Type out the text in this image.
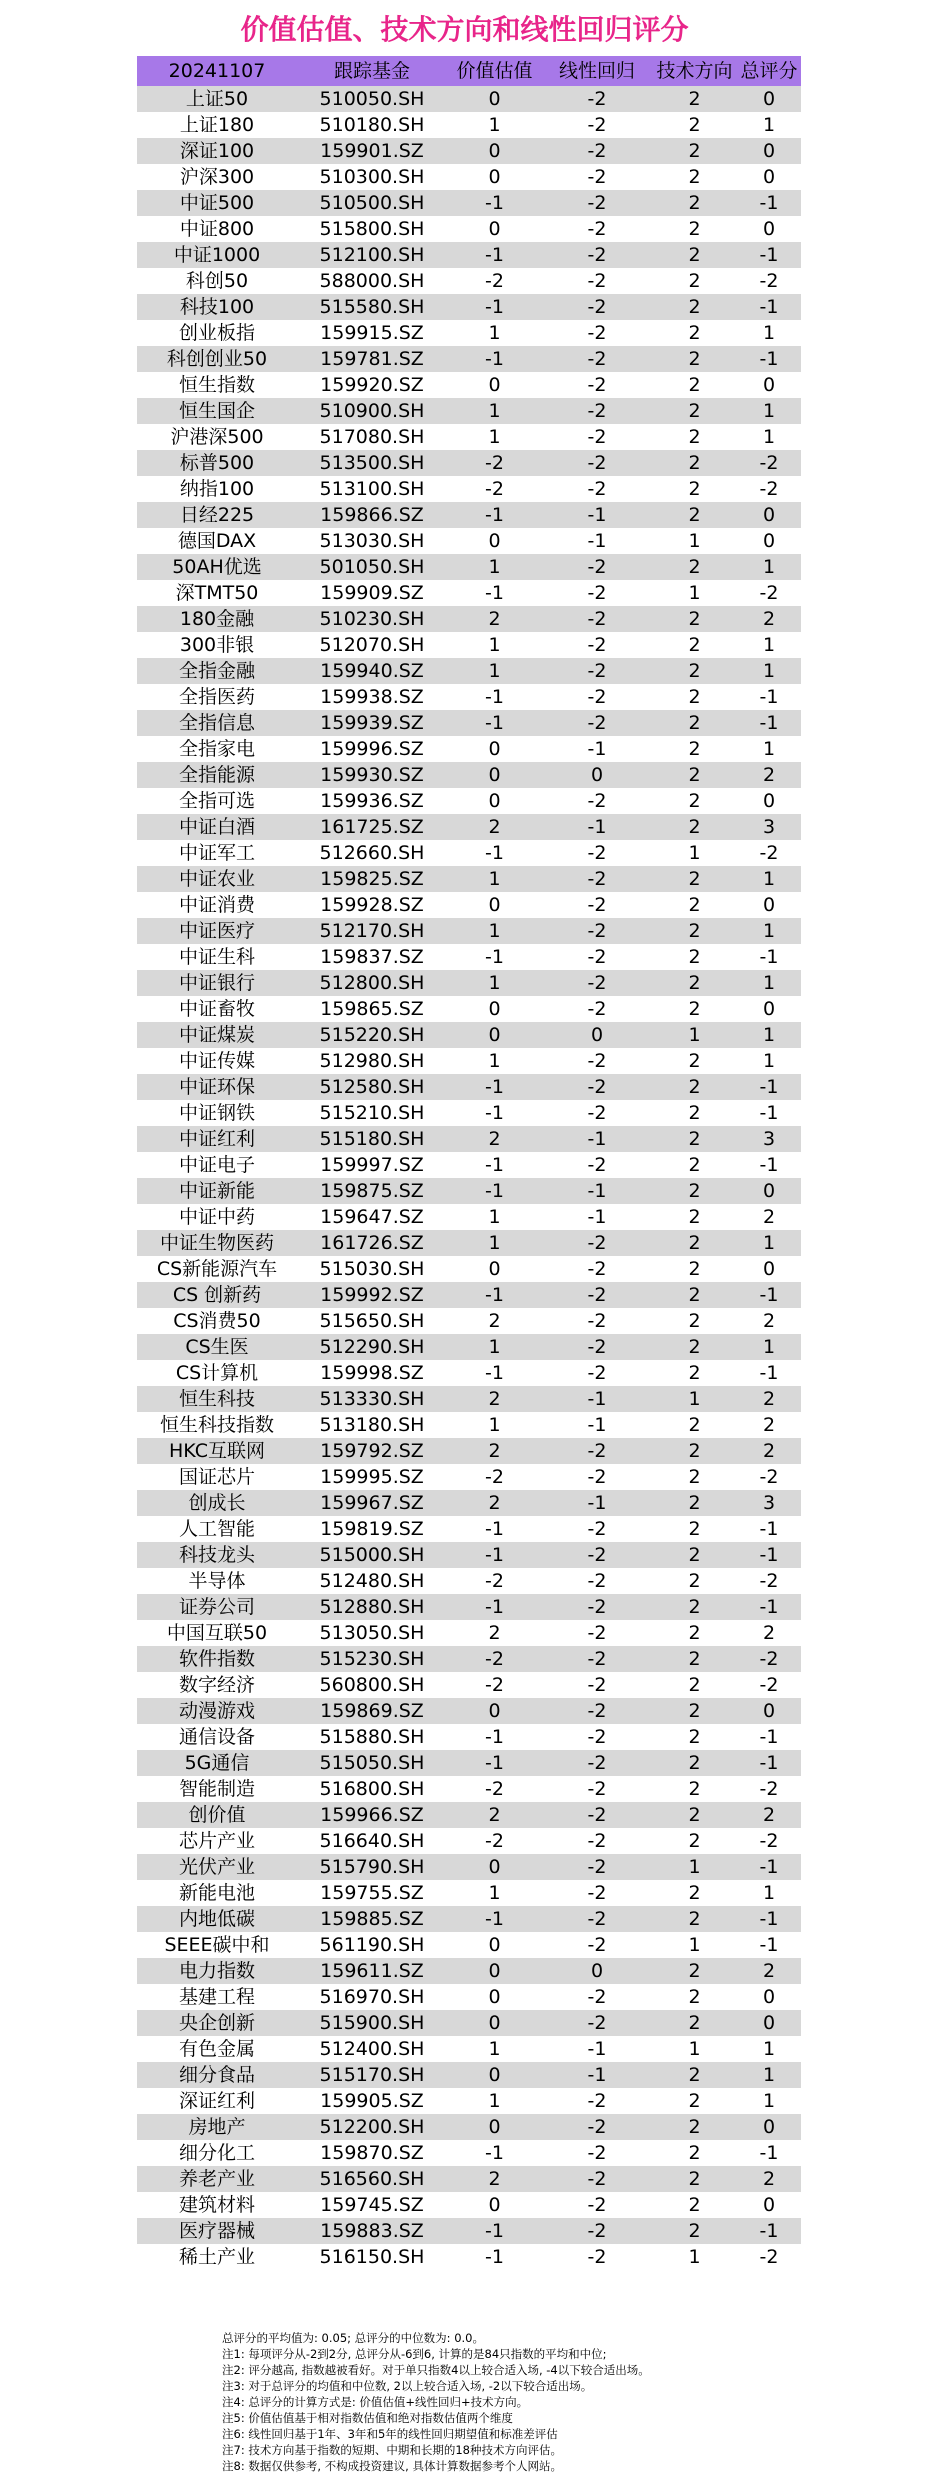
价值估值、技术方向和线性回归评分
20241107	跟踪基金	价值估值	线性回归	技术方向	总评分
上证50	510050.SH	0	-2	2	0
上证180	510180.SH	1	-2	2	1
深证100	159901.SZ	0	-2	2	0
沪深300	510300.SH	0	-2	2	0
中证500	510500.SH	-1	-2	2	-1
中证800	515800.SH	0	-2	2	0
中证1000	512100.SH	-1	-2	2	-1
科创50	588000.SH	-2	-2	2	-2
科技100	515580.SH	-1	-2	2	-1
创业板指	159915.SZ	1	-2	2	1
科创创业50	159781.SZ	-1	-2	2	-1
恒生指数	159920.SZ	0	-2	2	0
恒生国企	510900.SH	1	-2	2	1
沪港深500	517080.SH	1	-2	2	1
标普500	513500.SH	-2	-2	2	-2
纳指100	513100.SH	-2	-2	2	-2
日经225	159866.SZ	-1	-1	2	0
德国DAX	513030.SH	0	-1	1	0
50AH优选	501050.SH	1	-2	2	1
深TMT50	159909.SZ	-1	-2	1	-2
180金融	510230.SH	2	-2	2	2
300非银	512070.SH	1	-2	2	1
全指金融	159940.SZ	1	-2	2	1
全指医药	159938.SZ	-1	-2	2	-1
全指信息	159939.SZ	-1	-2	2	-1
全指家电	159996.SZ	0	-1	2	1
全指能源	159930.SZ	0	0	2	2
全指可选	159936.SZ	0	-2	2	0
中证白酒	161725.SZ	2	-1	2	3
中证军工	512660.SH	-1	-2	1	-2
中证农业	159825.SZ	1	-2	2	1
中证消费	159928.SZ	0	-2	2	0
中证医疗	512170.SH	1	-2	2	1
中证生科	159837.SZ	-1	-2	2	-1
中证银行	512800.SH	1	-2	2	1
中证畜牧	159865.SZ	0	-2	2	0
中证煤炭	515220.SH	0	0	1	1
中证传媒	512980.SH	1	-2	2	1
中证环保	512580.SH	-1	-2	2	-1
中证钢铁	515210.SH	-1	-2	2	-1
中证红利	515180.SH	2	-1	2	3
中证电子	159997.SZ	-1	-2	2	-1
中证新能	159875.SZ	-1	-1	2	0
中证中药	159647.SZ	1	-1	2	2
中证生物医药	161726.SZ	1	-2	2	1
CS新能源汽车	515030.SH	0	-2	2	0
CS 创新药	159992.SZ	-1	-2	2	-1
CS消费50	515650.SH	2	-2	2	2
CS生医	512290.SH	1	-2	2	1
CS计算机	159998.SZ	-1	-2	2	-1
恒生科技	513330.SH	2	-1	1	2
恒生科技指数	513180.SH	1	-1	2	2
HKC互联网	159792.SZ	2	-2	2	2
国证芯片	159995.SZ	-2	-2	2	-2
创成长	159967.SZ	2	-1	2	3
人工智能	159819.SZ	-1	-2	2	-1
科技龙头	515000.SH	-1	-2	2	-1
半导体	512480.SH	-2	-2	2	-2
证券公司	512880.SH	-1	-2	2	-1
中国互联50	513050.SH	2	-2	2	2
软件指数	515230.SH	-2	-2	2	-2
数字经济	560800.SH	-2	-2	2	-2
动漫游戏	159869.SZ	0	-2	2	0
通信设备	515880.SH	-1	-2	2	-1
5G通信	515050.SH	-1	-2	2	-1
智能制造	516800.SH	-2	-2	2	-2
创价值	159966.SZ	2	-2	2	2
芯片产业	516640.SH	-2	-2	2	-2
光伏产业	515790.SH	0	-2	1	-1
新能电池	159755.SZ	1	-2	2	1
内地低碳	159885.SZ	-1	-2	2	-1
SEEE碳中和	561190.SH	0	-2	1	-1
电力指数	159611.SZ	0	0	2	2
基建工程	516970.SH	0	-2	2	0
央企创新	515900.SH	0	-2	2	0
有色金属	512400.SH	1	-1	1	1
细分食品	515170.SH	0	-1	2	1
深证红利	159905.SZ	1	-2	2	1
房地产	512200.SH	0	-2	2	0
细分化工	159870.SZ	-1	-2	2	-1
养老产业	516560.SH	2	-2	2	2
建筑材料	159745.SZ	0	-2	2	0
医疗器械	159883.SZ	-1	-2	2	-1
稀土产业	516150.SH	-1	-2	1	-2
总评分的平均值为: 0.05; 总评分的中位数为: 0.0。
注1: 每项评分从-2到2分, 总评分从-6到6, 计算的是84只指数的平均和中位;
注2: 评分越高, 指数越被看好。对于单只指数4以上较合适入场, -4以下较合适出场。
注3: 对于总评分的均值和中位数, 2以上较合适入场, -2以下较合适出场。
注4: 总评分的计算方式是: 价值估值+线性回归+技术方向。
注5: 价值估值基于相对指数估值和绝对指数估值两个维度
注6: 线性回归基于1年、3年和5年的线性回归期望值和标准差评估
注7: 技术方向基于指数的短期、中期和长期的18种技术方向评估。
注8: 数据仅供参考, 不构成投资建议, 具体计算数据参考个人网站。
